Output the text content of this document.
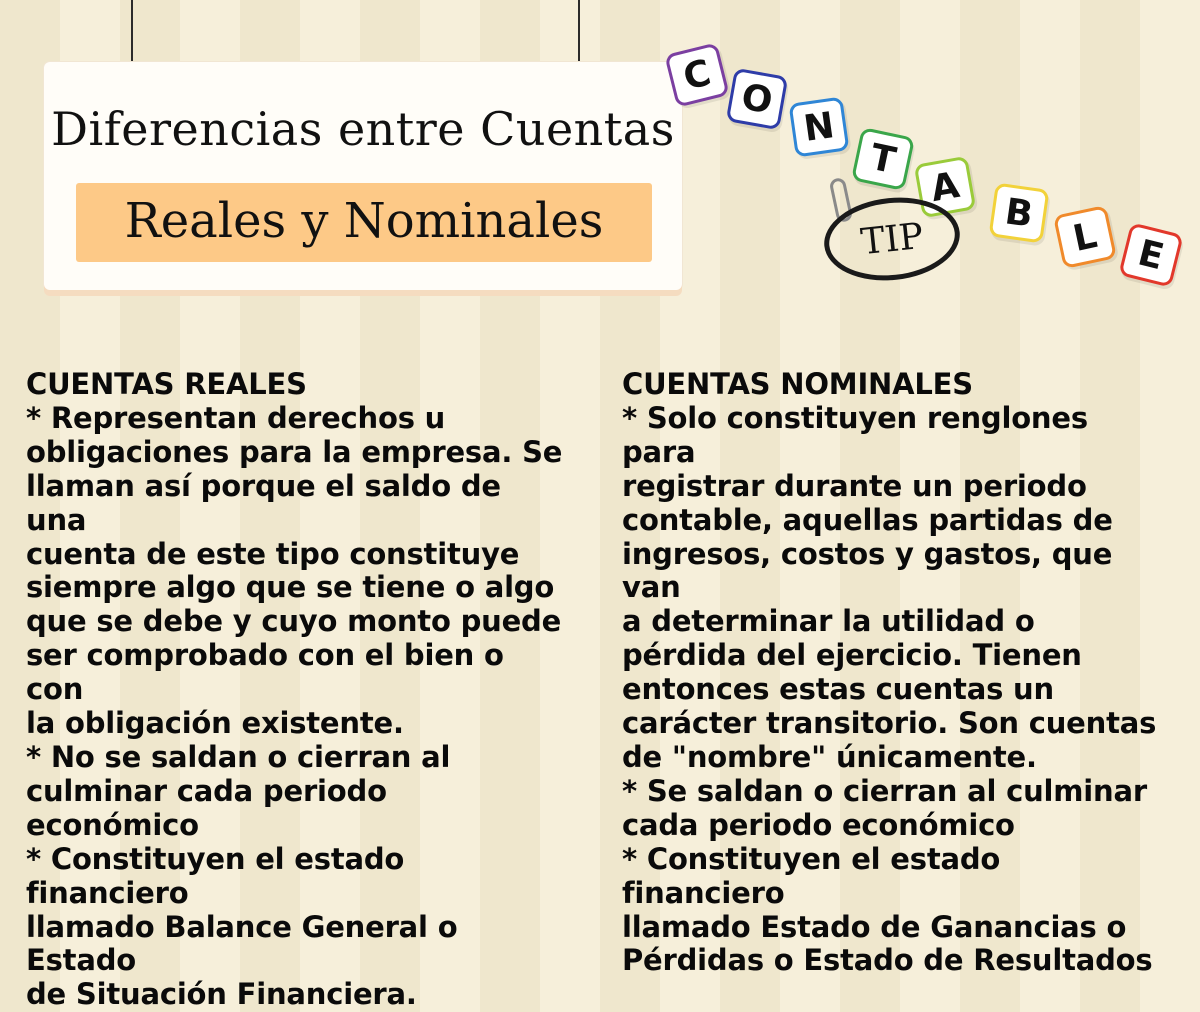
Diferencias entre Cuentas
Reales y Nominales
C
O
N
T
A
B
L E
TIP

CUENTAS REALES

* Representan derechos u

obligaciones para la empresa. Se

llaman así porque el saldo de una

cuenta de este tipo constituye

siempre algo que se tiene o algo

que se debe y cuyo monto puede

ser comprobado con el bien o con

la obligación existente.

* No se saldan o cierran al

culminar cada periodo económico

* Constituyen el estado financiero

llamado Balance General o Estado

de Situación Financiera.

CUENTAS NOMINALES

* Solo constituyen renglones para

registrar durante un periodo

contable, aquellas partidas de

ingresos, costos y gastos, que van

a determinar la utilidad o

pérdida del ejercicio. Tienen

entonces estas cuentas un

carácter transitorio. Son cuentas

de "nombre" únicamente.

* Se saldan o cierran al culminar

cada periodo económico

* Constituyen el estado financiero

llamado Estado de Ganancias o

Pérdidas o Estado de Resultados
